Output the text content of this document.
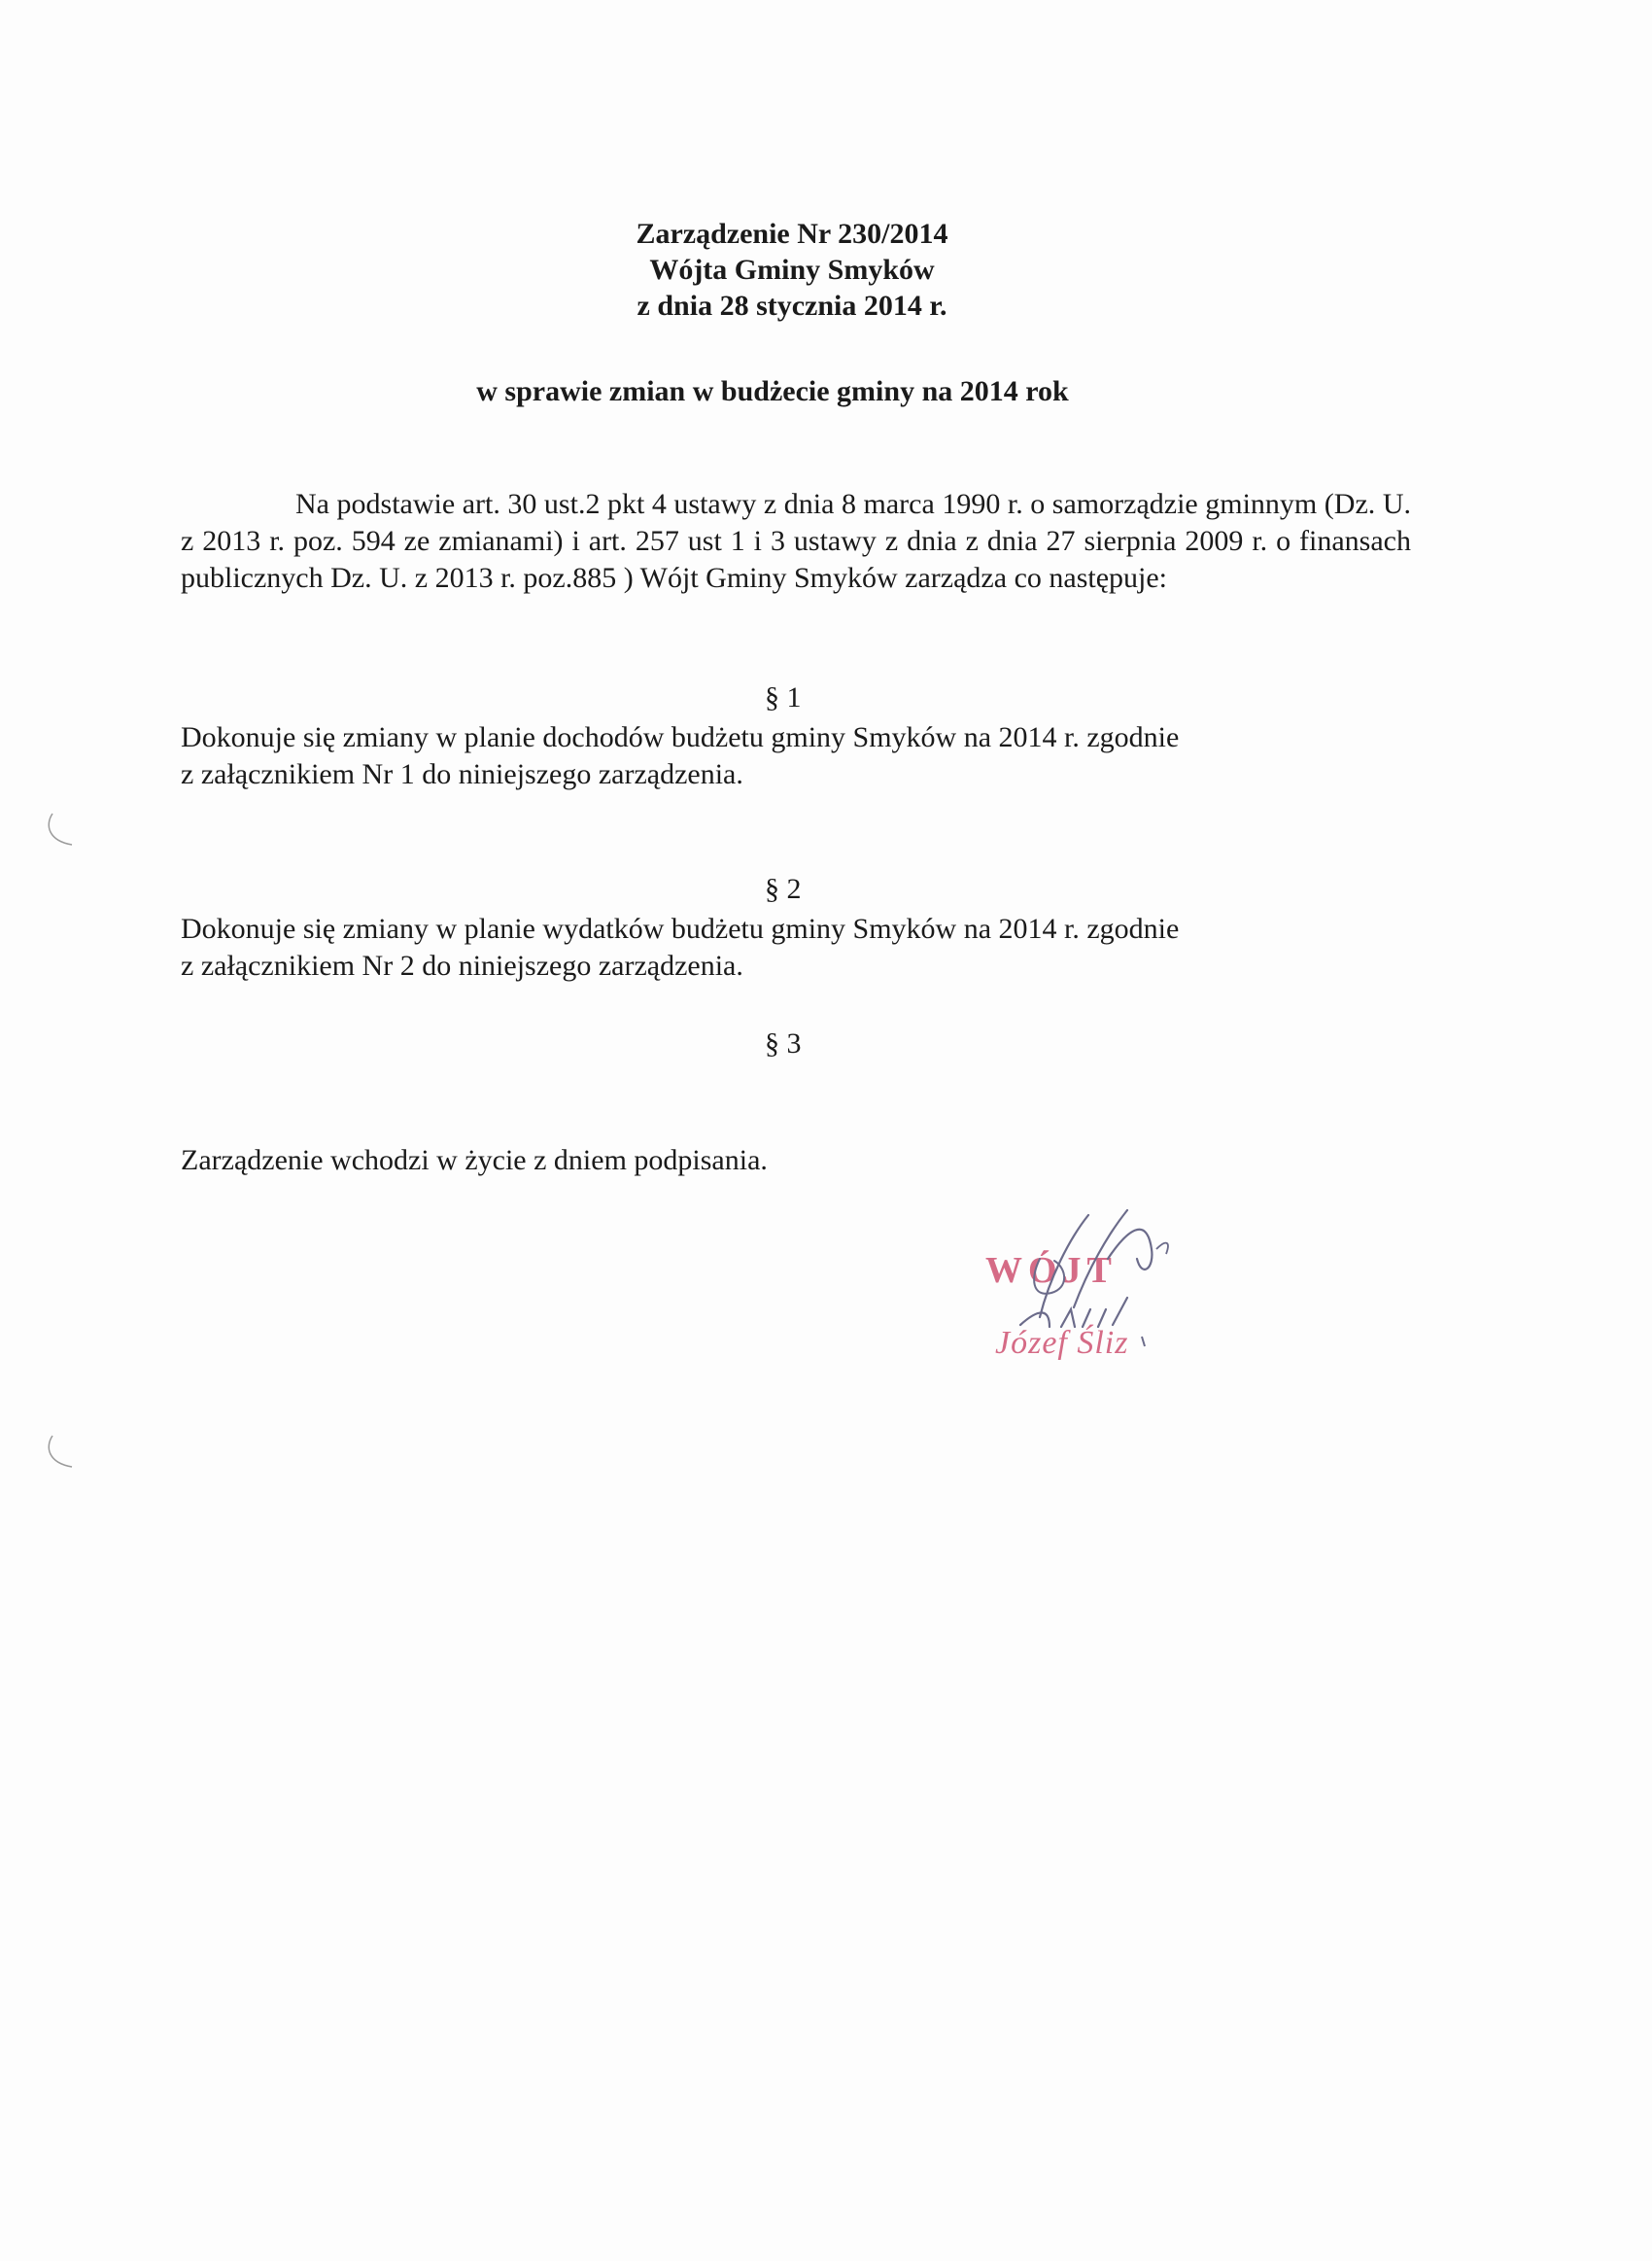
Zarządzenie Nr 230/2014
Wójta Gminy Smyków
z dnia 28 stycznia 2014 r.
w sprawie zmian w budżecie gminy na 2014 rok
Na podstawie art. 30 ust.2 pkt 4 ustawy z dnia 8 marca 1990 r. o samorządzie gminnym (Dz. U. z 2013 r. poz. 594 ze zmianami) i art. 257 ust 1 i 3 ustawy z dnia z dnia 27 sierpnia 2009 r. o finansach publicznych Dz. U. z 2013 r. poz.885 ) Wójt Gminy Smyków zarządza co następuje:
§ 1
Dokonuje się zmiany w planie dochodów budżetu gminy Smyków na 2014 r. zgodnie
z załącznikiem Nr 1 do niniejszego zarządzenia.
§ 2
Dokonuje się zmiany w planie wydatków budżetu gminy Smyków na 2014 r. zgodnie
z załącznikiem Nr 2 do niniejszego zarządzenia.
§ 3
Zarządzenie wchodzi w życie z dniem podpisania.
WÓJT
Józef Śliz
